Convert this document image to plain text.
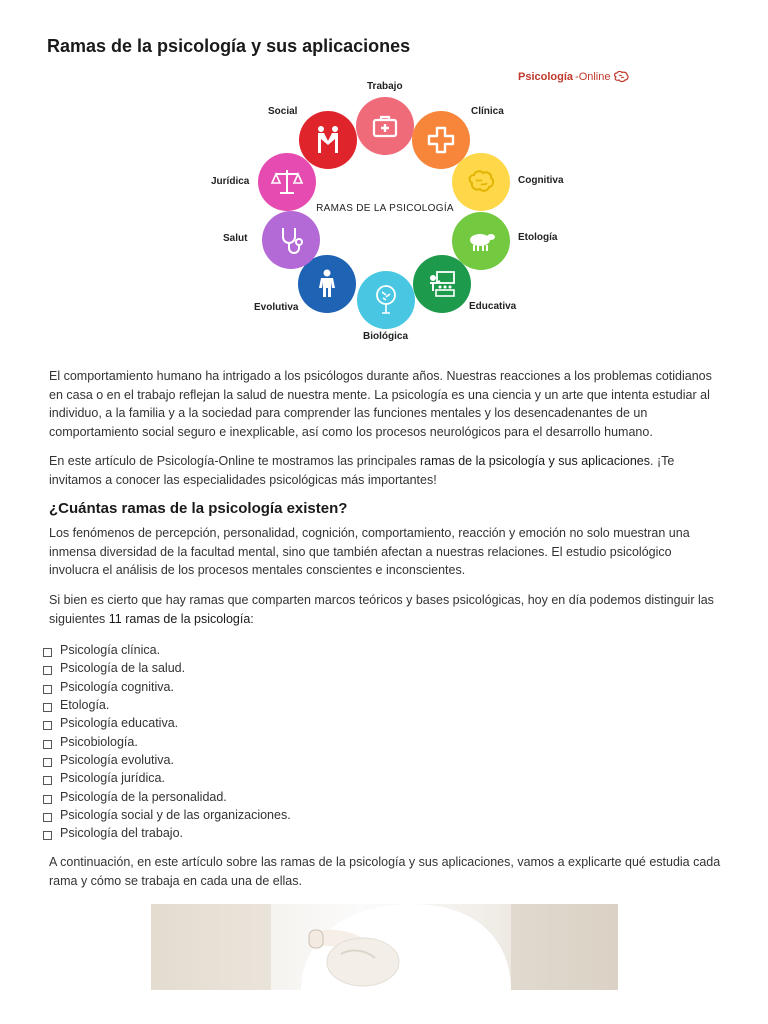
Ramas de la psicología y sus aplicaciones
Psicología -Online
RAMAS DE LA PSICOLOGÍA
Trabajo
Clínica
Cognitiva
Etología
Educativa
Biológica
Evolutiva
Salut
Jurídica
Social

El comportamiento humano ha intrigado a los psicólogos durante años. Nuestras reacciones a los problemas cotidianos en casa o en el trabajo reflejan la salud de nuestra mente. La psicología es una ciencia y un arte que intenta estudiar al individuo, a la familia y a la sociedad para comprender las funciones mentales y los desencadenantes de un comportamiento social seguro e inexplicable, así como los procesos neurológicos para el desarrollo humano.

En este artículo de Psicología-Online te mostramos las principales ramas de la psicología y sus aplicaciones. ¡Te invitamos a conocer las especialidades psicológicas más importantes!

¿Cuántas ramas de la psicología existen?

Los fenómenos de percepción, personalidad, cognición, comportamiento, reacción y emoción no solo muestran una inmensa diversidad de la facultad mental, sino que también afectan a nuestras relaciones. El estudio psicológico involucra el análisis de los procesos mentales conscientes e inconscientes.

Si bien es cierto que hay ramas que comparten marcos teóricos y bases psicológicas, hoy en día podemos distinguir las siguientes 11 ramas de la psicología:

Psicología clínica.
Psicología de la salud.
Psicología cognitiva.
Etología.
Psicología educativa.
Psicobiología.
Psicología evolutiva.
Psicología jurídica.
Psicología de la personalidad.
Psicología social y de las organizaciones.
Psicología del trabajo.

A continuación, en este artículo sobre las ramas de la psicología y sus aplicaciones, vamos a explicarte qué estudia cada rama y cómo se trabaja en cada una de ellas.
